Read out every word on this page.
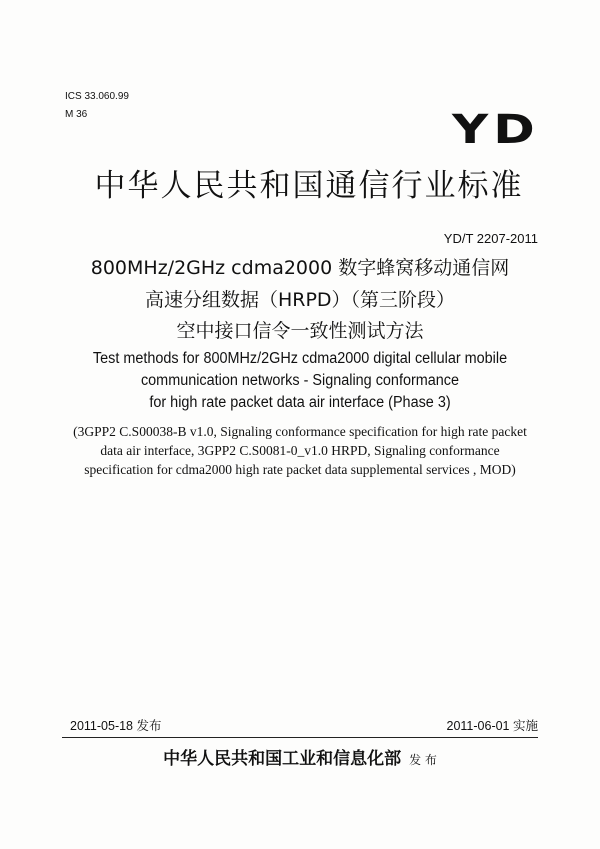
ICS 33.060.99
M 36	YD
中华人民共和国通信行业标准
YD/T 2207-2011
800MHz/2GHz cdma2000 数字蜂窝移动通信网
高速分组数据（HRPD）（第三阶段）
空中接口信令一致性测试方法
Test methods for 800MHz/2GHz cdma2000 digital cellular mobile
communication networks - Signaling conformance
for high rate packet data air interface (Phase 3)
(3GPP2 C.S00038-B v1.0, Signaling conformance specification for high rate packet
data air interface, 3GPP2 C.S0081-0_v1.0 HRPD, Signaling conformance
specification for cdma2000 high rate packet data supplemental services , MOD)
2011-05-18 发布	2011-06-01 实施
中华人民共和国工业和信息化部 发 布
